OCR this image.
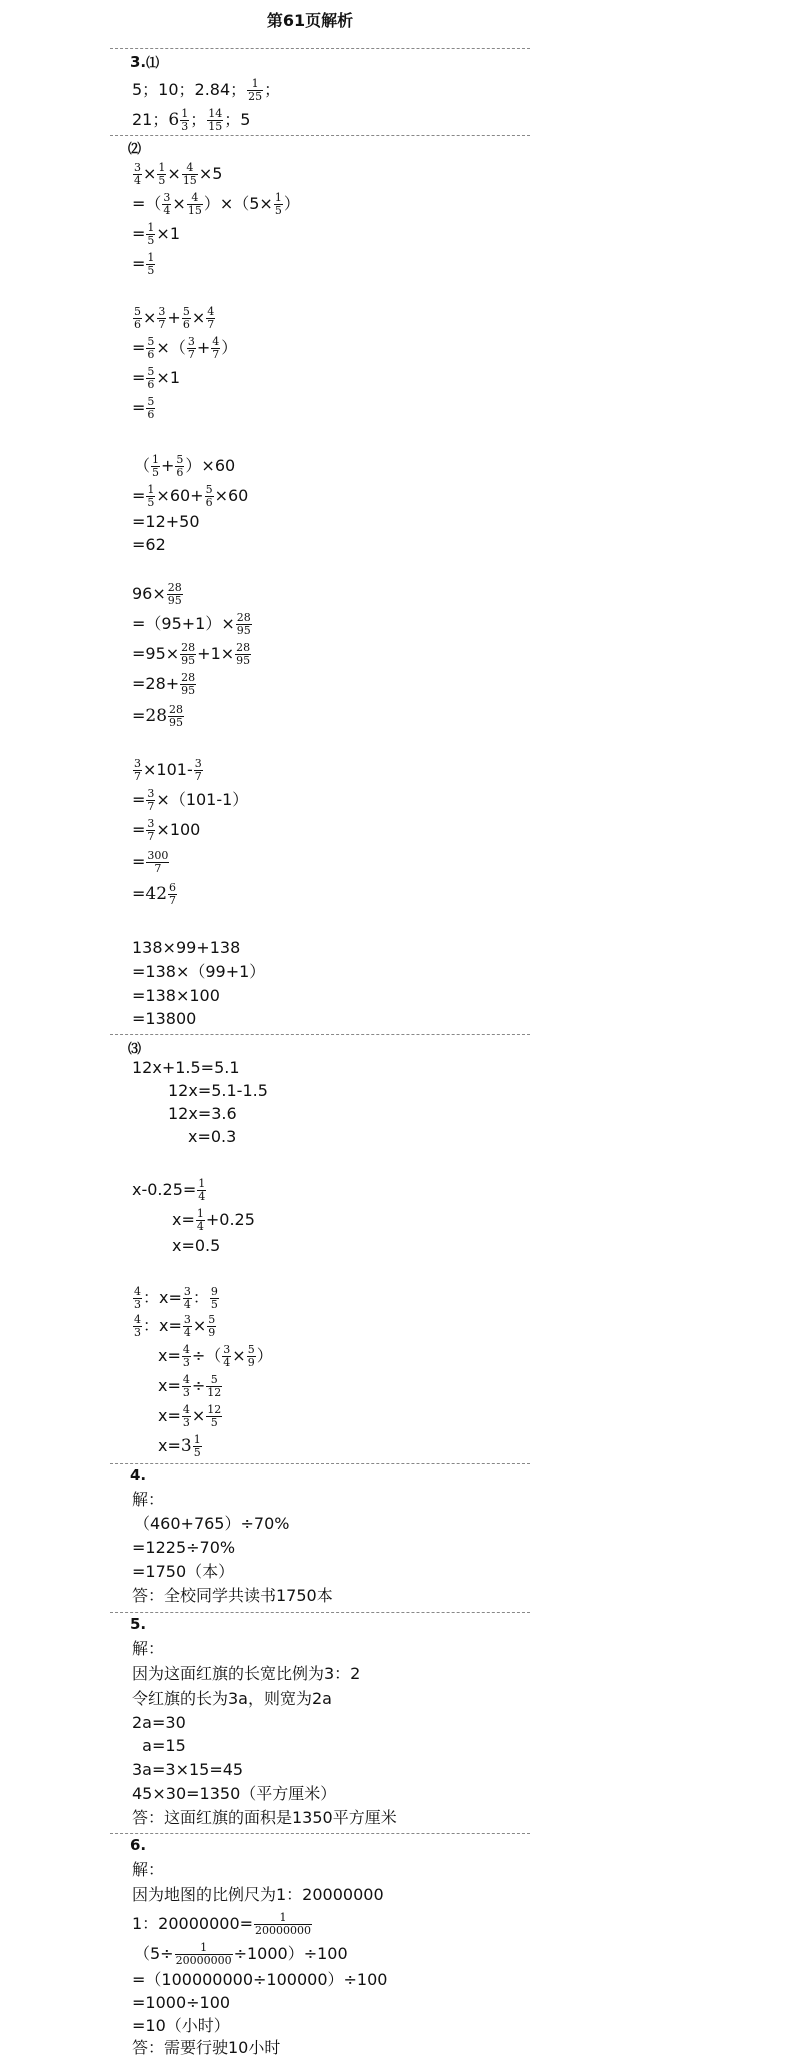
第61页解析
3.⑴
5；10；2.84； $\frac{1}{25}$ ；
21；$6 \frac{1}{3}$ ； $\frac{14}{15}$ ；5
⑵
$\frac{3}{4} \times \frac{1}{5} \times \frac{4}{15} \times 5$
=（ $\frac{3}{4} \times \frac{4}{15} )\times(5\times \frac{1}{5}$ ）
= $\frac{1}{5} \times 1$
= $\frac{1}{5}$
$\frac{5}{6} \times \frac{3}{7} + \frac{5}{6} \times \frac{4}{7}$
= $\frac{5}{6}$ ×（ $\frac{3}{7} + \frac{4}{7}$ ）
= $\frac{5}{6} \times 1$
= $\frac{5}{6}$
（ $\frac{1}{5} + \frac{5}{6} )\times 60$
= $\frac{1}{5} \times 60+ \frac{5}{6} \times 60$
=12+50
=62
$96\times \frac{28}{95}$
$=(95+1)\times \frac{28}{95}$
$=95\times \frac{28}{95} +1\times \frac{28}{95}$
$=28+ \frac{28}{95}$
$=28 \frac{28}{95}$
$\frac{3}{7} \times 101- \frac{3}{7}$
= $\frac{3}{7} \times(101-1)$
= $\frac{3}{7} \times 100$
= $\frac{300}{7}$
$=42 \frac{6}{7}$
138×99+138
=138×（99+1）
=138×100
=13800
⑶
12x+1.5=5.1
12x=5.1-1.5
12x=3.6
x=0.3
$x-0.25= \frac{1}{4}$
$x= \frac{1}{4} +0.25$
x=0.5
$\frac{4}{3}$ ：$x= \frac{3}{4}$ ： $\frac{9}{5}$
$\frac{4}{3}$ ：$x= \frac{3}{4} \times \frac{5}{9}$
$x= \frac{4}{3}$ ÷（ $\frac{3}{4} \times \frac{5}{9}$ ）
$x= \frac{4}{3} \div \frac{5}{12}$
$x= \frac{4}{3} \times \frac{12}{5}$
$x=3 \frac{1}{5}$
4.
解：
（460+765）÷70%
=1225÷70%
=1750（本）
答：全校同学共读书1750本
5.
解：
因为这面红旗的长宽比例为3：2
令红旗的长为3a，则宽为2a
2a=30
a=15
3a=3×15=45
45×30=1350（平方厘米）
答：这面红旗的面积是1350平方厘米
6.
解：
因为地图的比例尺为1：20000000
1：$20000000= \frac{1}{20000000}$
$(5\div \frac{1}{20000000} \div 1000)\div 100$
=（100000000÷100000）÷100
=1000÷100
=10（小时）
答：需要行驶10小时
